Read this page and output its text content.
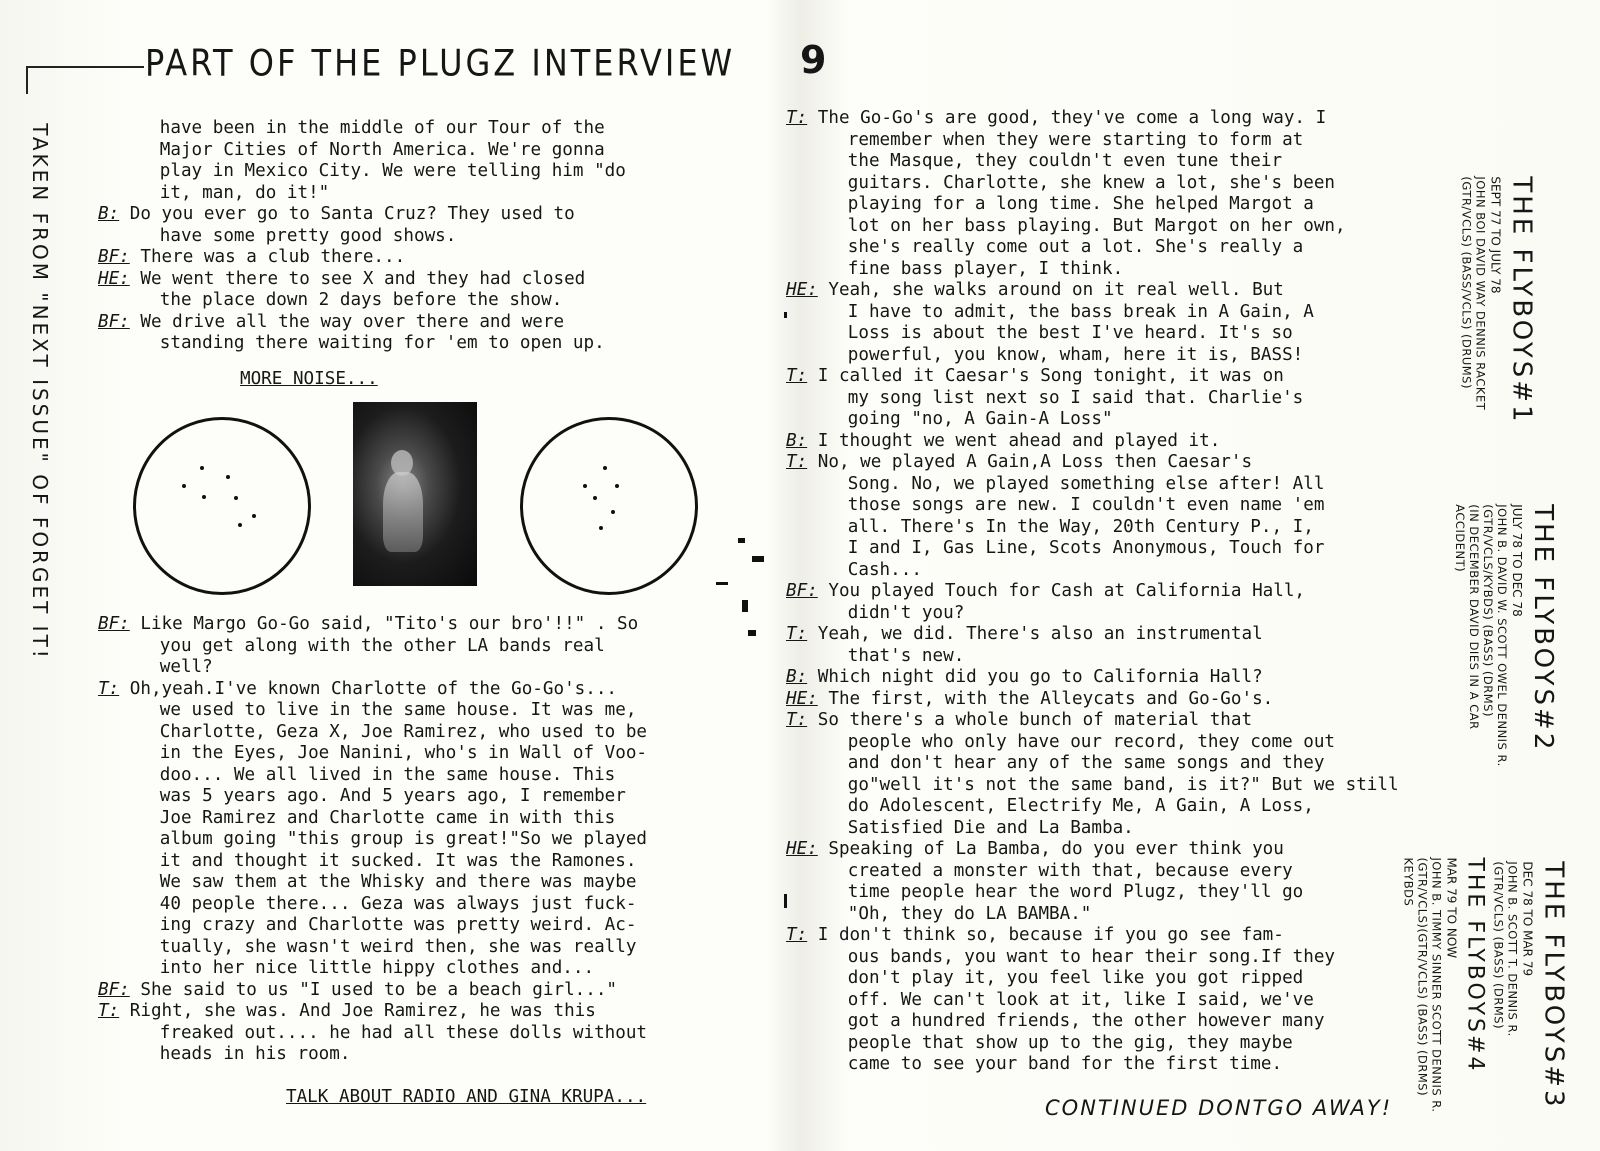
PART OF THE PLUGZ INTERVIEW 9
TAKEN FROM "NEXT ISSUE" OF FORGET IT!	have been in the middle of our Tour of the
Major Cities of North America. We're gonna
play in Mexico City. We were telling him "do
it, man, do it!"
B: Do you ever go to Santa Cruz? They used to
have some pretty good shows.
BF: There was a club there...
HE: We went there to see X and they had closed
the place down 2 days before the show.
BF: We drive all the way over there and were
standing there waiting for 'em to open up.
MORE NOISE...
BF: Like Margo Go-Go said, "Tito's our bro'!!" . So
you get along with the other LA bands real
well?
T: Oh,yeah.I've known Charlotte of the Go-Go's...
we used to live in the same house. It was me,
Charlotte, Geza X, Joe Ramirez, who used to be
in the Eyes, Joe Nanini, who's in Wall of Voo-
doo... We all lived in the same house. This
was 5 years ago. And 5 years ago, I remember
Joe Ramirez and Charlotte came in with this
album going "this group is great!"So we played
it and thought it sucked. It was the Ramones.
We saw them at the Whisky and there was maybe
40 people there... Geza was always just fuck-
ing crazy and Charlotte was pretty weird. Ac-
tually, she wasn't weird then, she was really
into her nice little hippy clothes and...
BF: She said to us "I used to be a beach girl..."
T: Right, she was. And Joe Ramirez, he was this
freaked out.... he had all these dolls without
heads in his room.
TALK ABOUT RADIO AND GINA KRUPA...
T: The Go-Go's are good, they've come a long way. I
remember when they were starting to form at
the Masque, they couldn't even tune their
guitars. Charlotte, she knew a lot, she's been
playing for a long time. She helped Margot a
lot on her bass playing. But Margot on her own,
she's really come out a lot. She's really a
fine bass player, I think.
HE: Yeah, she walks around on it real well. But
I have to admit, the bass break in A Gain, A
Loss is about the best I've heard. It's so
powerful, you know, wham, here it is, BASS!
T: I called it Caesar's Song tonight, it was on
my song list next so I said that. Charlie's
going "no, A Gain-A Loss"
B: I thought we went ahead and played it.
T: No, we played A Gain,A Loss then Caesar's
Song. No, we played something else after! All
those songs are new. I couldn't even name 'em
all. There's In the Way, 20th Century P., I,
I and I, Gas Line, Scots Anonymous, Touch for
Cash...
BF: You played Touch for Cash at California Hall,
didn't you?
T: Yeah, we did. There's also an instrumental
that's new.
B: Which night did you go to California Hall?
HE: The first, with the Alleycats and Go-Go's.
T: So there's a whole bunch of material that
people who only have our record, they come out
and don't hear any of the same songs and they
go"well it's not the same band, is it?" But we still
do Adolescent, Electrify Me, A Gain, A Loss,
Satisfied Die and La Bamba.
HE: Speaking of La Bamba, do you ever think you
created a monster with that, because every
time people hear the word Plugz, they'll go
"Oh, they do LA BAMBA."
T: I don't think so, because if you go see fam-
ous bands, you want to hear their song.If they
don't play it, you feel like you got ripped
off. We can't look at it, like I said, we've
got a hundred friends, the other however many
people that show up to the gig, they maybe
came to see your band for the first time.
CONTINUED DONTGO AWAY!
THE FLYBOYS#1
SEPT 77 TO JULY 78
JOHN BOI DAVID WAY DENNIS RACKET
(GTR/VCLS) (BASS/VCLS) (DRUMS)
THE FLYBOYS#2
JULY 78 TO DEC 78
JOHN B. DAVID W. SCOTT OWEL DENNIS R.
(GTR/VCLS/KYBDS) (BASS) (DRMS)
(IN DECEMBER DAVID DIES IN A CAR
ACCIDENT)
THE FLYBOYS#3
DEC 78 TO MAR 79
JOHN B. SCOTT T. DENNIS R.
(GTR/VCLS) (BASS) (DRMS)
THE FLYBOYS#4
MAR 79 TO NOW
JOHN B. TIMMY SINNER SCOTT DENNIS R.
(GTR/VCLS)(GTR/VCLS) (BASS) (DRMS)
KEYBDS
